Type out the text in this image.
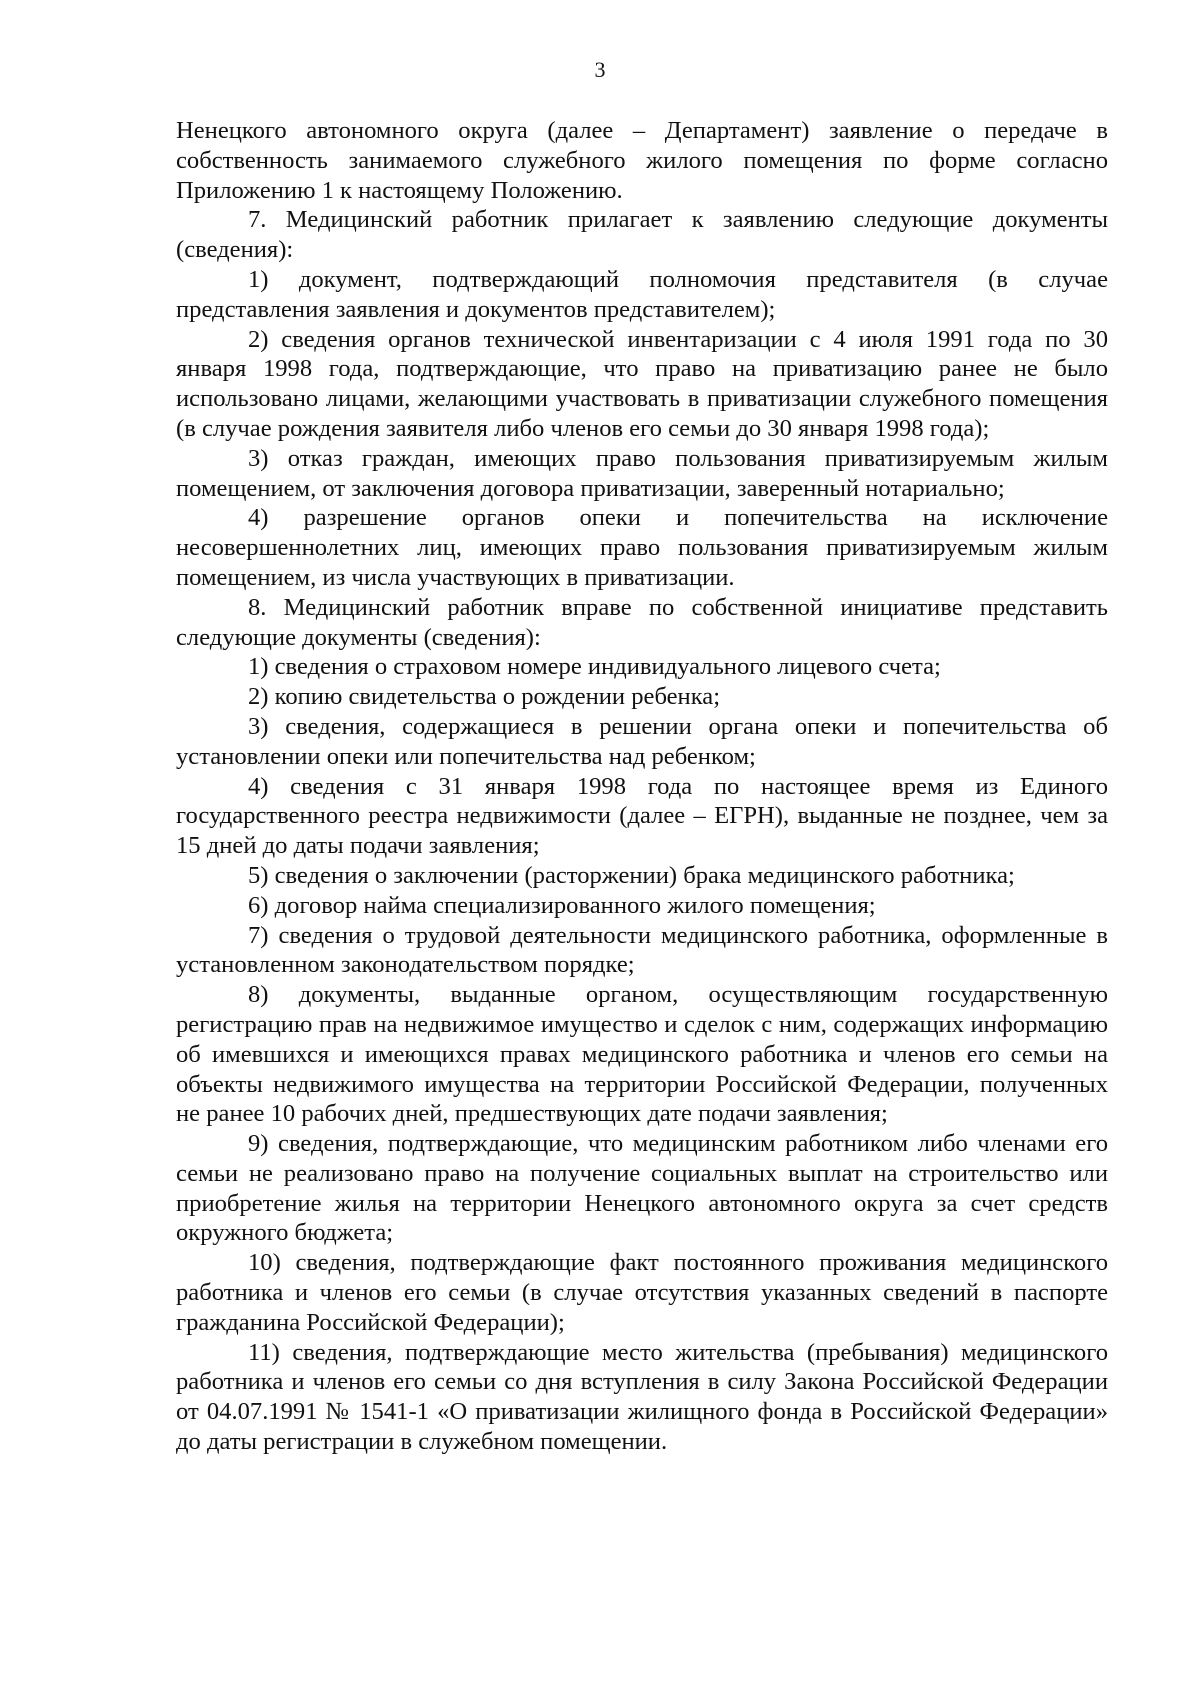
3

Ненецкого автономного округа (далее – Департамент) заявление о передаче в собственность занимаемого служебного жилого помещения по форме согласно Приложению 1 к настоящему Положению.

7. Медицинский работник прилагает к заявлению следующие документы (сведения):

1) документ, подтверждающий полномочия представителя (в случае представления заявления и документов представителем);

2) сведения органов технической инвентаризации с 4 июля 1991 года по 30 января 1998 года, подтверждающие, что право на приватизацию ранее не было использовано лицами, желающими участвовать в приватизации служебного помещения (в случае рождения заявителя либо членов его семьи до 30 января 1998 года);

3) отказ граждан, имеющих право пользования приватизируемым жилым помещением, от заключения договора приватизации, заверенный нотариально;

4) разрешение органов опеки и попечительства на исключение несовершеннолетних лиц, имеющих право пользования приватизируемым жилым помещением, из числа участвующих в приватизации.

8. Медицинский работник вправе по собственной инициативе представить следующие документы (сведения):

1) сведения о страховом номере индивидуального лицевого счета;

2) копию свидетельства о рождении ребенка;

3) сведения, содержащиеся в решении органа опеки и попечительства об установлении опеки или попечительства над ребенком;

4) сведения с 31 января 1998 года по настоящее время из Единого государственного реестра недвижимости (далее – ЕГРН), выданные не позднее, чем за 15 дней до даты подачи заявления;

5) сведения о заключении (расторжении) брака медицинского работника;

6) договор найма специализированного жилого помещения;

7) сведения о трудовой деятельности медицинского работника, оформленные в установленном законодательством порядке;

8) документы, выданные органом, осуществляющим государственную регистрацию прав на недвижимое имущество и сделок с ним, содержащих информацию об имевшихся и имеющихся правах медицинского работника и членов его семьи на объекты недвижимого имущества на территории Российской Федерации, полученных не ранее 10 рабочих дней, предшествующих дате подачи заявления;

9) сведения, подтверждающие, что медицинским работником либо членами его семьи не реализовано право на получение социальных выплат на строительство или приобретение жилья на территории Ненецкого автономного округа за счет средств окружного бюджета;

10) сведения, подтверждающие факт постоянного проживания медицинского работника и членов его семьи (в случае отсутствия указанных сведений в паспорте гражданина Российской Федерации);

11) сведения, подтверждающие место жительства (пребывания) медицинского работника и членов его семьи со дня вступления в силу Закона Российской Федерации от 04.07.1991 № 1541-1 «О приватизации жилищного фонда в Российской Федерации» до даты регистрации в служебном помещении.
